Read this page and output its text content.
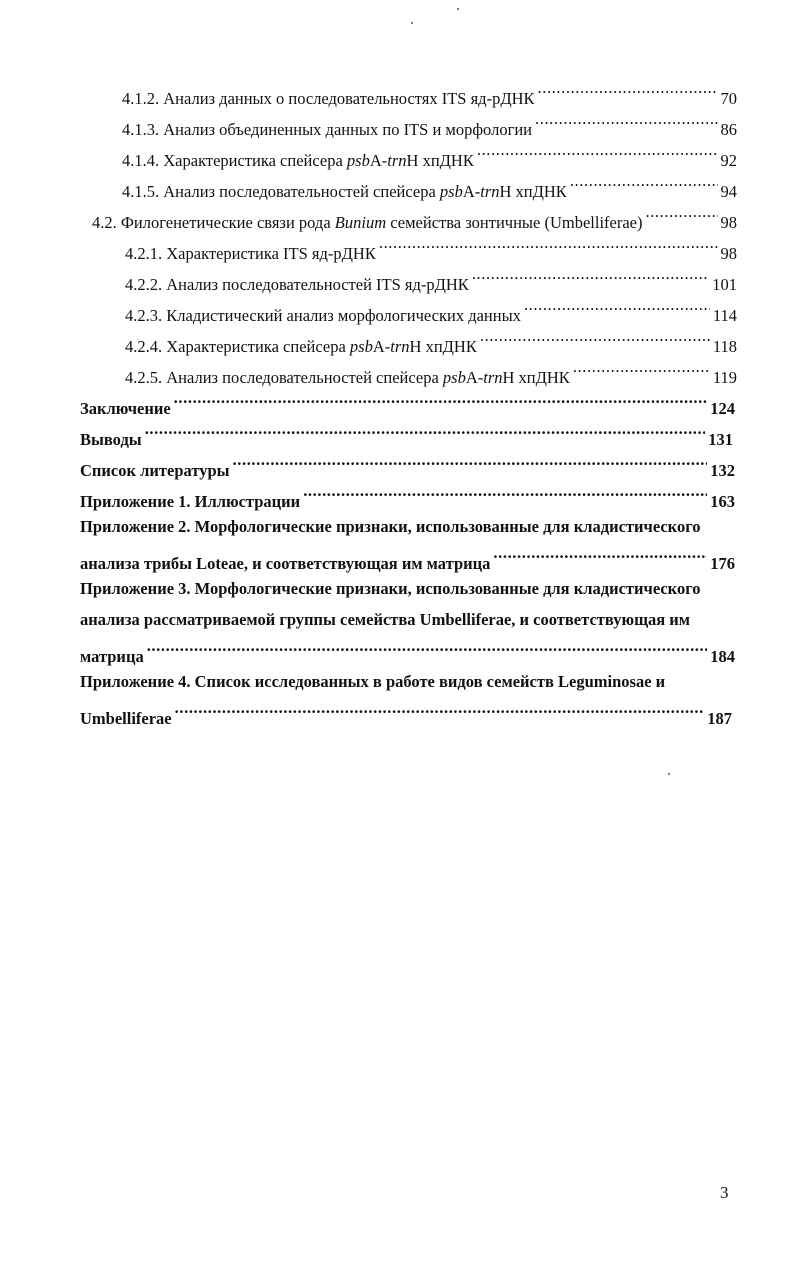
4.1.2. Анализ данных о последовательностях ITS яд-рДНК .....	70
4.1.3. Анализ объединенных данных по ITS и морфологии .....	86
4.1.4. Характеристика спейсера psbA-trnH хпДНК .....	92
4.1.5. Анализ последовательностей спейсера psbA-trnH хпДНК .....	94
4.2. Филогенетические связи рода Bunium семейства зонтичные (Umbelliferae) .....	98
4.2.1. Характеристика ITS яд-рДНК .....	98
4.2.2. Анализ последовательностей ITS яд-рДНК .....	101
4.2.3. Кладистический анализ морфологических данных .....	114
4.2.4. Характеристика спейсера psbA-trnH хпДНК .....	118
4.2.5. Анализ последовательностей спейсера psbA-trnH хпДНК .....	119
Заключение .....	124
Выводы .....	131
Список литературы .....	132
Приложение 1. Иллюстрации .....	163
Приложение 2. Морфологические признаки, использованные для кладистического
анализа трибы Loteae, и соответствующая им матрица .....	176
Приложение 3. Морфологические признаки, использованные для кладистического
анализа рассматриваемой группы семейства Umbelliferae, и соответствующая им
матрица .....	184
Приложение 4. Список исследованных в работе видов семейств Leguminosae и
Umbelliferae .....	187
3
